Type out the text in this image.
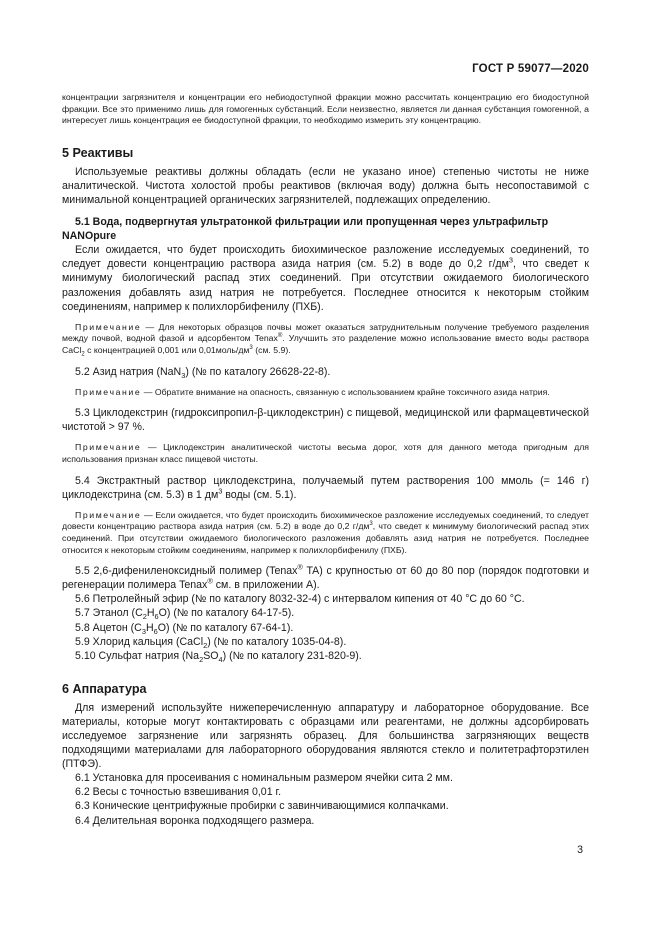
ГОСТ Р 59077—2020

концентрации загрязнителя и концентрации его небиодоступной фракции можно рассчитать концентрацию его биодоступной фракции. Все это применимо лишь для гомогенных субстанций. Если неизвестно, является ли данная субстанция гомогенной, а интересует лишь концентрация ее биодоступной фракции, то необходимо измерить эту концентрацию.

5 Реактивы

Используемые реактивы должны обладать (если не указано иное) степенью чистоты не ниже аналитической. Чистота холостой пробы реактивов (включая воду) должна быть несопоставимой с минимальной концентрацией органических загрязнителей, подлежащих определению.

5.1 Вода, подвергнутая ультратонкой фильтрации или пропущенная через ультрафильтр NANOpure

Если ожидается, что будет происходить биохимическое разложение исследуемых соединений, то следует довести концентрацию раствора азида натрия (см. 5.2) в воде до 0,2 $г/дм^3$, что сведет к минимуму биологический распад этих соединений. При отсутствии ожидаемого биологического разложения добавлять азид натрия не потребуется. Последнее относится к некоторым стойким соединениям, например к полихлорбифенилу (ПХБ).

Примечание — Для некоторых образцов почвы может оказаться затруднительным получение требуемого разделения между почвой, водной фазой и адсорбентом Tenax®. Улучшить это разделение можно использование вместо воды раствора CaCl$_2$ с концентрацией 0,001 или $0,01моль/дм^3$ (см. 5.9).

5.2 Азид натрия (NaN$_3$) (№ по каталогу 26628-22-8).

Примечание — Обратите внимание на опасность, связанную с использованием крайне токсичного азида натрия.

5.3 Циклодекстрин (гидроксипропил-β-циклодекстрин) с пищевой, медицинской или фармацевтической чистотой > 97 %.

Примечание — Циклодекстрин аналитической чистоты весьма дорог, хотя для данного метода пригодным для использования признан класс пищевой чистоты.

5.4 Экстрактный раствор циклодекстрина, получаемый путем растворения 100 ммоль (= 146 г) циклодекстрина (см. 5.3) в 1 $дм^3$ воды (см. 5.1).

Примечание — Если ожидается, что будет происходить биохимическое разложение исследуемых соединений, то следует довести концентрацию раствора азида натрия (см. 5.2) в воде до 0,2 $г/дм^3$, что сведет к минимуму биологический распад этих соединений. При отсутствии ожидаемого биологического разложения добавлять азид натрия не потребуется. Последнее относится к некоторым стойким соединениям, например к полихлорбифенилу (ПХБ).

5.5 2,6-дифениленоксидный полимер (Tenax® TA) с крупностью от 60 до 80 пор (порядок подготовки и регенерации полимера Tenax® см. в приложении А).

5.6 Петролейный эфир (№ по каталогу 8032-32-4) с интервалом кипения от 40 °С до 60 °С.

5.7 Этанол $(C_2H_6O)$ (№ по каталогу 64-17-5).

5.8 Ацетон $(C_3H_6O)$ (№ по каталогу 67-64-1).

5.9 Хлорид кальция (CaCl$_2$) (№ по каталогу 1035-04-8).

5.10 Сульфат натрия $(Na_2SO_4)$ (№ по каталогу 231-820-9).

6 Аппаратура

Для измерений используйте нижеперечисленную аппаратуру и лабораторное оборудование. Все материалы, которые могут контактировать с образцами или реагентами, не должны адсорбировать исследуемое загрязнение или загрязнять образец. Для большинства загрязняющих веществ подходящими материалами для лабораторного оборудования являются стекло и политетрафторэтилен (ПТФЭ).

6.1 Установка для просеивания с номинальным размером ячейки сита 2 мм.

6.2 Весы с точностью взвешивания 0,01 г.

6.3 Конические центрифужные пробирки с завинчивающимися колпачками.

6.4 Делительная воронка подходящего размера.

3
